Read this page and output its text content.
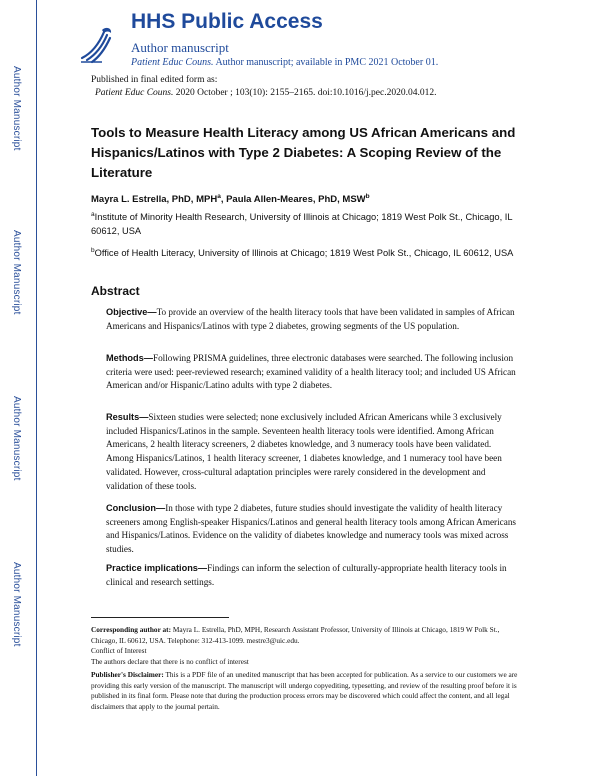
Author Manuscript
Author Manuscript
Author Manuscript
Author Manuscript
HHS Public Access
Author manuscript
Patient Educ Couns. Author manuscript; available in PMC 2021 October 01.
Published in final edited form as:
Patient Educ Couns. 2020 October ; 103(10): 2155–2165. doi:10.1016/j.pec.2020.04.012.
Tools to Measure Health Literacy among US African Americans and Hispanics/Latinos with Type 2 Diabetes: A Scoping Review of the Literature
Mayra L. Estrella, PhD, MPH$^a$, Paula Allen-Meares, PhD, MSW$^b$
$^a$Institute of Minority Health Research, University of Illinois at Chicago; 1819 West Polk St., Chicago, IL 60612, USA
$^b$Office of Health Literacy, University of Illinois at Chicago; 1819 West Polk St., Chicago, IL 60612, USA
Abstract
Objective—To provide an overview of the health literacy tools that have been validated in samples of African Americans and Hispanics/Latinos with type 2 diabetes, growing segments of the US population.
Methods—Following PRISMA guidelines, three electronic databases were searched. The following inclusion criteria were used: peer-reviewed research; examined validity of a health literacy tool; and included US African American and/or Hispanic/Latino adults with type 2 diabetes.
Results—Sixteen studies were selected; none exclusively included African Americans while 3 exclusively included Hispanics/Latinos in the sample. Seventeen health literacy tools were identified. Among African Americans, 2 health literacy screeners, 2 diabetes knowledge, and 3 numeracy tools have been validated. Among Hispanics/Latinos, 1 health literacy screener, 1 diabetes knowledge, and 1 numeracy tool have been validated. However, cross-cultural adaptation principles were rarely considered in the development and validation of these tools.
Conclusion—In those with type 2 diabetes, future studies should investigate the validity of health literacy screeners among English-speaker Hispanics/Latinos and general health literacy tools among African Americans and Hispanics/Latinos. Evidence on the validity of diabetes knowledge and numeracy tools was mixed across studies.
Practice implications—Findings can inform the selection of culturally-appropriate health literacy tools in clinical and research settings.
Corresponding author at: Mayra L. Estrella, PhD, MPH, Research Assistant Professor, University of Illinois at Chicago, 1819 W Polk St., Chicago, IL 60612, USA. Telephone: 312-413-1099. mestre3@uic.edu.
Conflict of Interest
The authors declare that there is no conflict of interest
Publisher's Disclaimer: This is a PDF file of an unedited manuscript that has been accepted for publication. As a service to our customers we are providing this early version of the manuscript. The manuscript will undergo copyediting, typesetting, and review of the resulting proof before it is published in its final form. Please note that during the production process errors may be discovered which could affect the content, and all legal disclaimers that apply to the journal pertain.
